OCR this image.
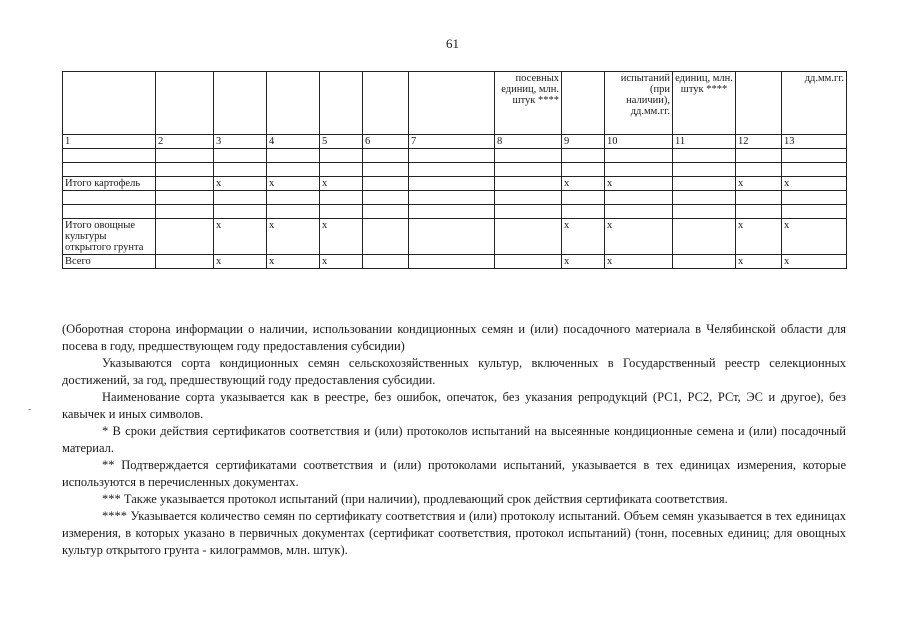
61
-
							посевных единиц, млн. штук ****		испытаний (при наличии), дд.мм.гг.	единиц, млн. штук ****		дд.мм.гг.
1	2	3	4	5	6	7	8	9	10	11	12	13

Итого картофель		x	x	x				x	x		x	x

Итого овощные культуры открытого грунта		x	x	x				x	x		x	x
Всего		x	x	x				x	x		x	x

(Оборотная сторона информации о наличии, использовании кондиционных семян и (или) посадочного материала в Челябинской области для посева в году, предшествующем году предоставления субсидии)

Указываются сорта кондиционных семян сельскохозяйственных культур, включенных в Государственный реестр селекционных достижений, за год, предшествующий году предоставления субсидии.

Наименование сорта указывается как в реестре, без ошибок, опечаток, без указания репродукций (РС1, РС2, РСт, ЭС и другое), без кавычек и иных символов.

* В сроки действия сертификатов соответствия и (или) протоколов испытаний на высеянные кондиционные семена и (или) посадочный материал.

** Подтверждается сертификатами соответствия и (или) протоколами испытаний, указывается в тех единицах измерения, которые используются в перечисленных документах.

*** Также указывается протокол испытаний (при наличии), продлевающий срок действия сертификата соответствия.

**** Указывается количество семян по сертификату соответствия и (или) протоколу испытаний. Объем семян указывается в тех единицах измерения, в которых указано в первичных документах (сертификат соответствия, протокол испытаний) (тонн, посевных единиц; для овощных культур открытого грунта - килограммов, млн. штук).
